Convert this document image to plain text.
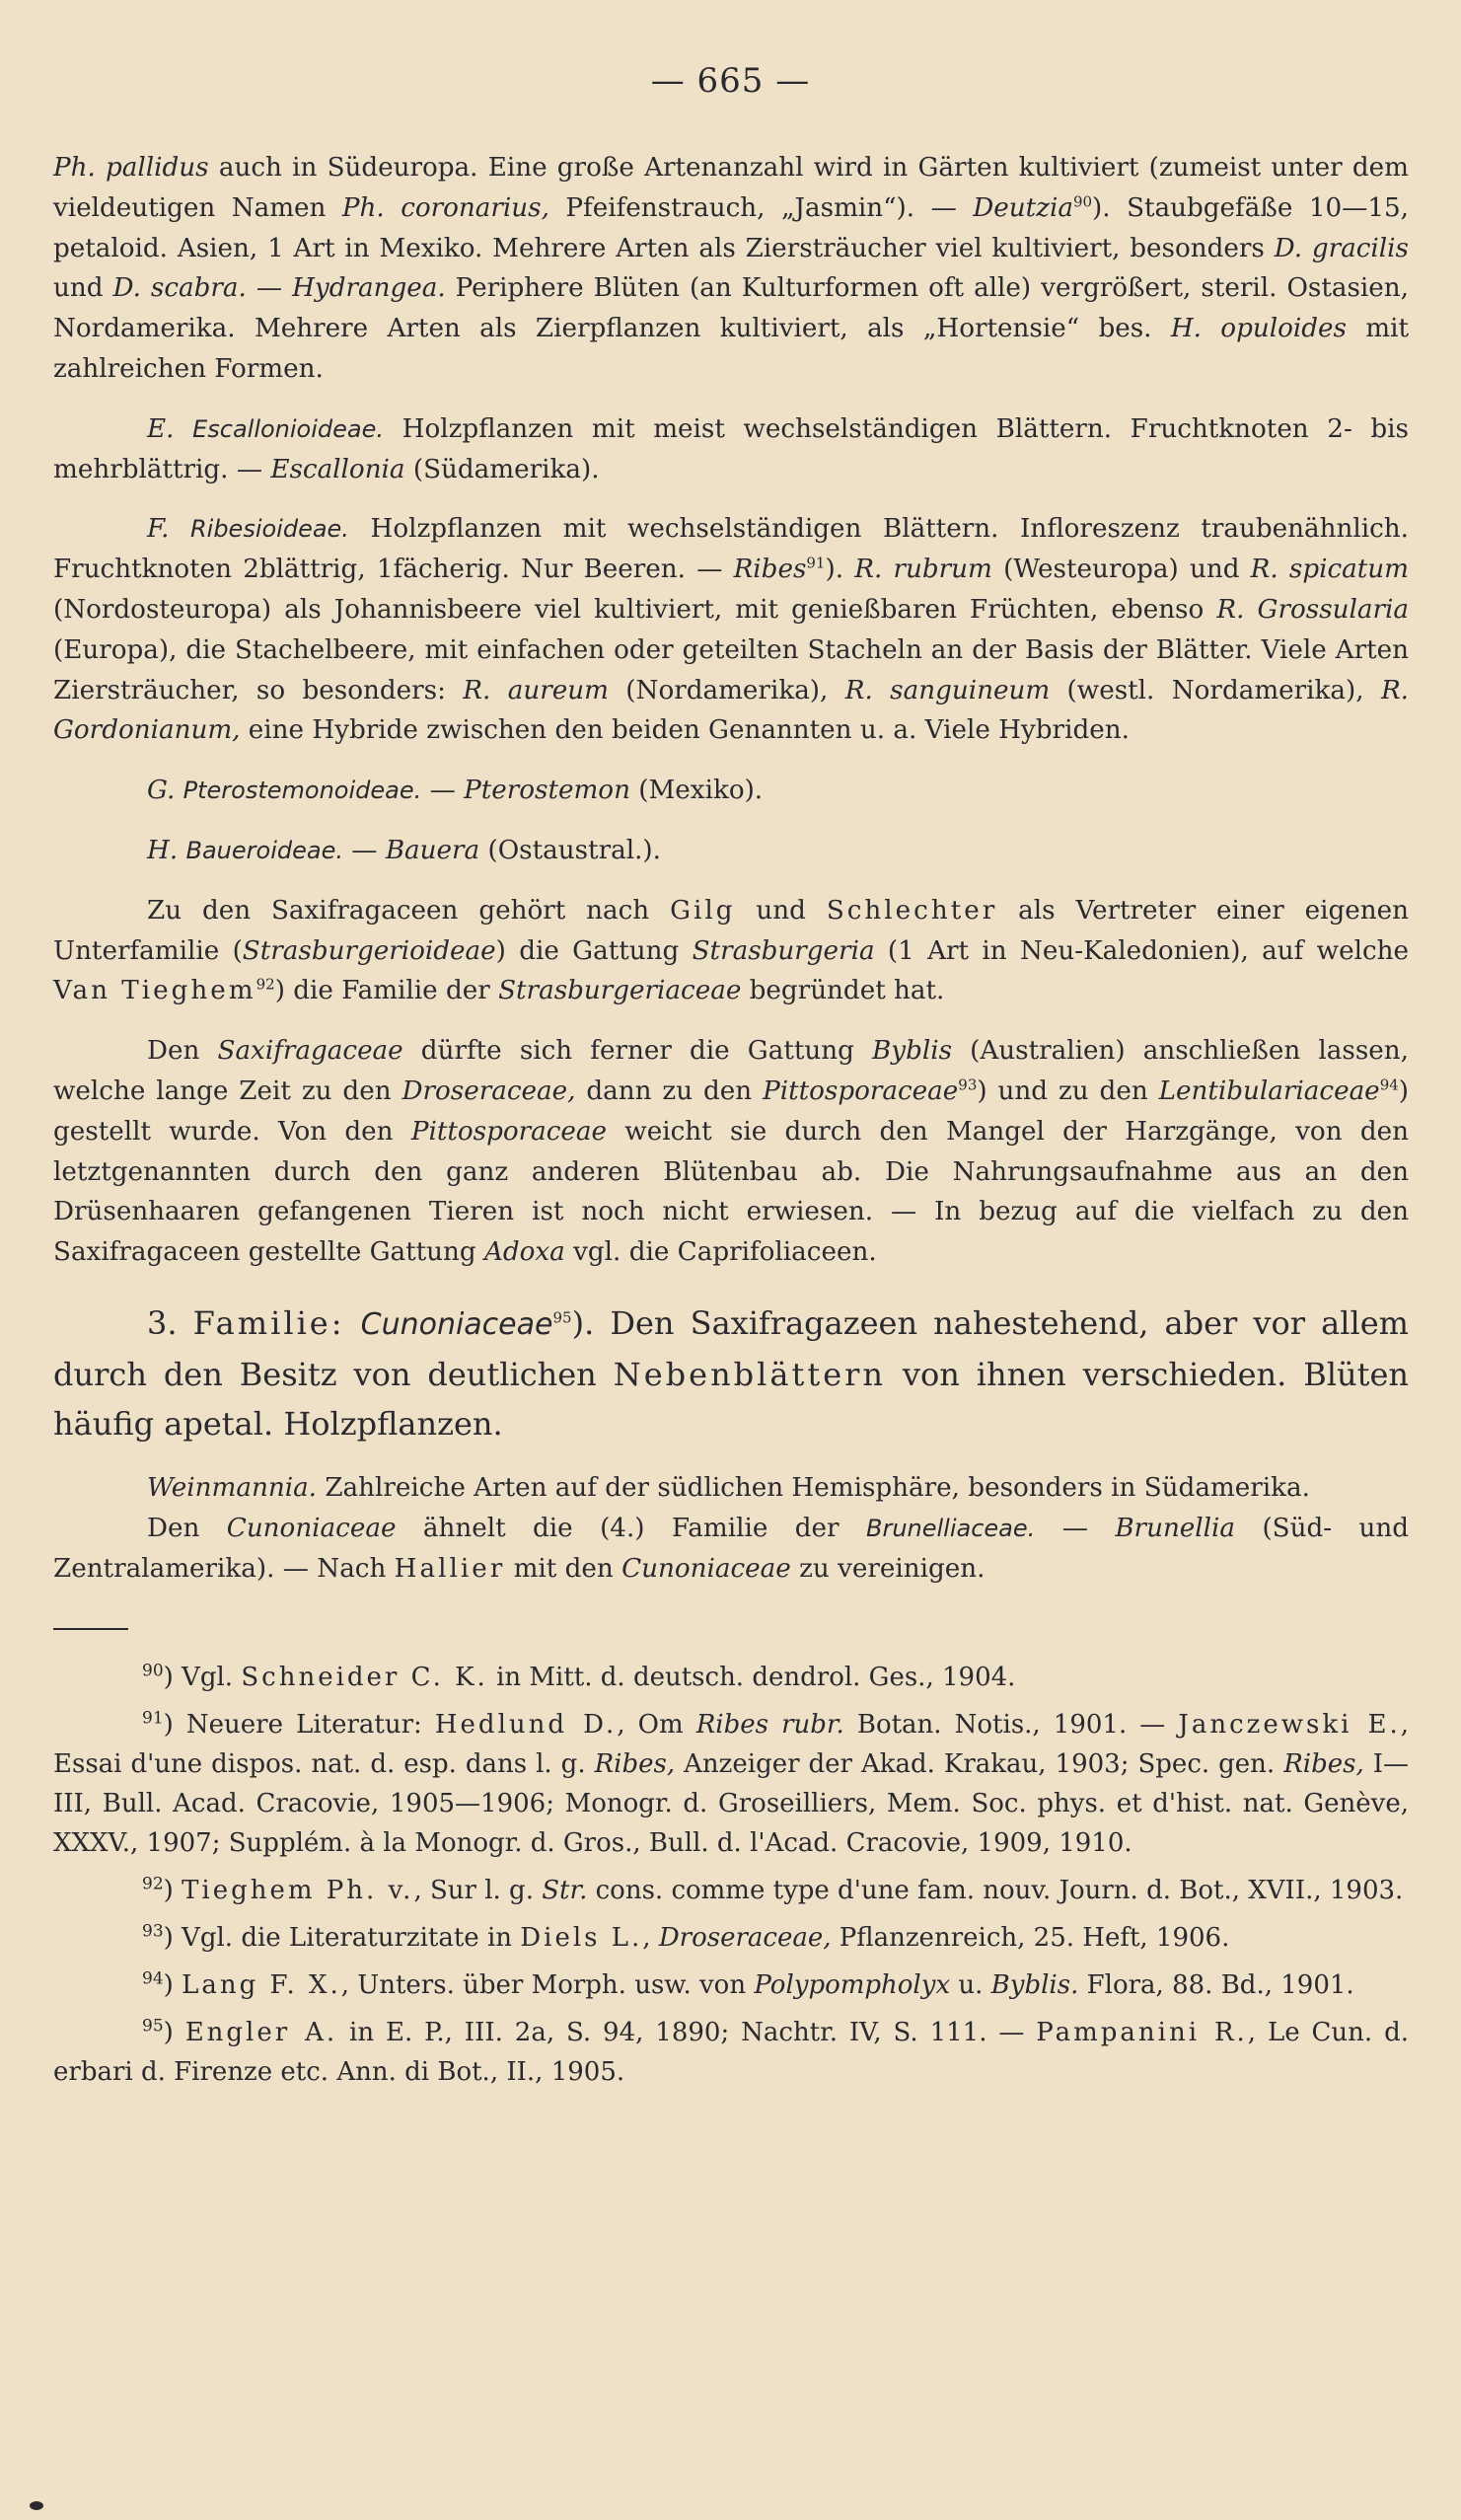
— 665 —

Ph. pallidus auch in Südeuropa. Eine große Artenanzahl wird in Gärten kultiviert (zumeist unter dem vieldeutigen Namen Ph. coronarius, Pfeifenstrauch, „Jasmin“). — Deutzia$^{90}$). Staubgefäße 10—15, petaloid. Asien, 1 Art in Mexiko. Mehrere Arten als Ziersträucher viel kultiviert, besonders D. gracilis und D. scabra. — Hydrangea. Periphere Blüten (an Kulturformen oft alle) vergrößert, steril. Ostasien, Nordamerika. Mehrere Arten als Zierpflanzen kultiviert, als „Hortensie“ bes. H. opuloides mit zahlreichen Formen.

E. Escallonioideae. Holzpflanzen mit meist wechselständigen Blättern. Fruchtknoten 2- bis mehrblättrig. — Escallonia (Südamerika).

F. Ribesioideae. Holzpflanzen mit wechselständigen Blättern. Infloreszenz traubenähnlich. Fruchtknoten 2blättrig, 1fächerig. Nur Beeren. — Ribes$^{91}$). R. rubrum (Westeuropa) und R. spicatum (Nordosteuropa) als Johannisbeere viel kultiviert, mit genießbaren Früchten, ebenso R. Grossularia (Europa), die Stachelbeere, mit einfachen oder geteilten Stacheln an der Basis der Blätter. Viele Arten Ziersträucher, so besonders: R. aureum (Nordamerika), R. sanguineum (westl. Nordamerika), R. Gordonianum, eine Hybride zwischen den beiden Genannten u. a. Viele Hybriden.

G. Pterostemonoideae. — Pterostemon (Mexiko).

H. Baueroideae. — Bauera (Ostaustral.).

Zu den Saxifragaceen gehört nach Gilg und Schlechter als Vertreter einer eigenen Unterfamilie (Strasburgerioideae) die Gattung Strasburgeria (1 Art in Neu-Kaledonien), auf welche Van Tieghem$^{92}$) die Familie der Strasburgeriaceae begründet hat.

Den Saxifragaceae dürfte sich ferner die Gattung Byblis (Australien) anschließen lassen, welche lange Zeit zu den Droseraceae, dann zu den Pittosporaceae$^{93}$) und zu den Lentibulariaceae$^{94}$) gestellt wurde. Von den Pittosporaceae weicht sie durch den Mangel der Harzgänge, von den letztgenannten durch den ganz anderen Blütenbau ab. Die Nahrungsaufnahme aus an den Drüsenhaaren gefangenen Tieren ist noch nicht erwiesen. — In bezug auf die vielfach zu den Saxifragaceen gestellte Gattung Adoxa vgl. die Caprifoliaceen.

3. Familie: Cunoniaceae$^{95}$). Den Saxifragazeen nahestehend, aber vor allem durch den Besitz von deutlichen Nebenblättern von ihnen verschieden. Blüten häufig apetal. Holzpflanzen.

Weinmannia. Zahlreiche Arten auf der südlichen Hemisphäre, besonders in Südamerika.

Den Cunoniaceae ähnelt die (4.) Familie der Brunelliaceae. — Brunellia (Süd- und Zentralamerika). — Nach Hallier mit den Cunoniaceae zu vereinigen.

$^{90}$) Vgl. Schneider C. K. in Mitt. d. deutsch. dendrol. Ges., 1904.

$^{91}$) Neuere Literatur: Hedlund D., Om Ribes rubr. Botan. Notis., 1901. — Janczewski E., Essai d'une dispos. nat. d. esp. dans l. g. Ribes, Anzeiger der Akad. Krakau, 1903; Spec. gen. Ribes, I—III, Bull. Acad. Cracovie, 1905—1906; Monogr. d. Groseilliers, Mem. Soc. phys. et d'hist. nat. Genève, XXXV., 1907; Supplém. à la Monogr. d. Gros., Bull. d. l'Acad. Cracovie, 1909, 1910.

$^{92}$) Tieghem Ph. v., Sur l. g. Str. cons. comme type d'une fam. nouv. Journ. d. Bot., XVII., 1903.

$^{93}$) Vgl. die Literaturzitate in Diels L., Droseraceae, Pflanzenreich, 25. Heft, 1906.

$^{94}$) Lang F. X., Unters. über Morph. usw. von Polypompholyx u. Byblis. Flora, 88. Bd., 1901.

$^{95}$) Engler A. in E. P., III. 2a, S. 94, 1890; Nachtr. IV, S. 111. — Pampanini R., Le Cun. d. erbari d. Firenze etc. Ann. di Bot., II., 1905.
